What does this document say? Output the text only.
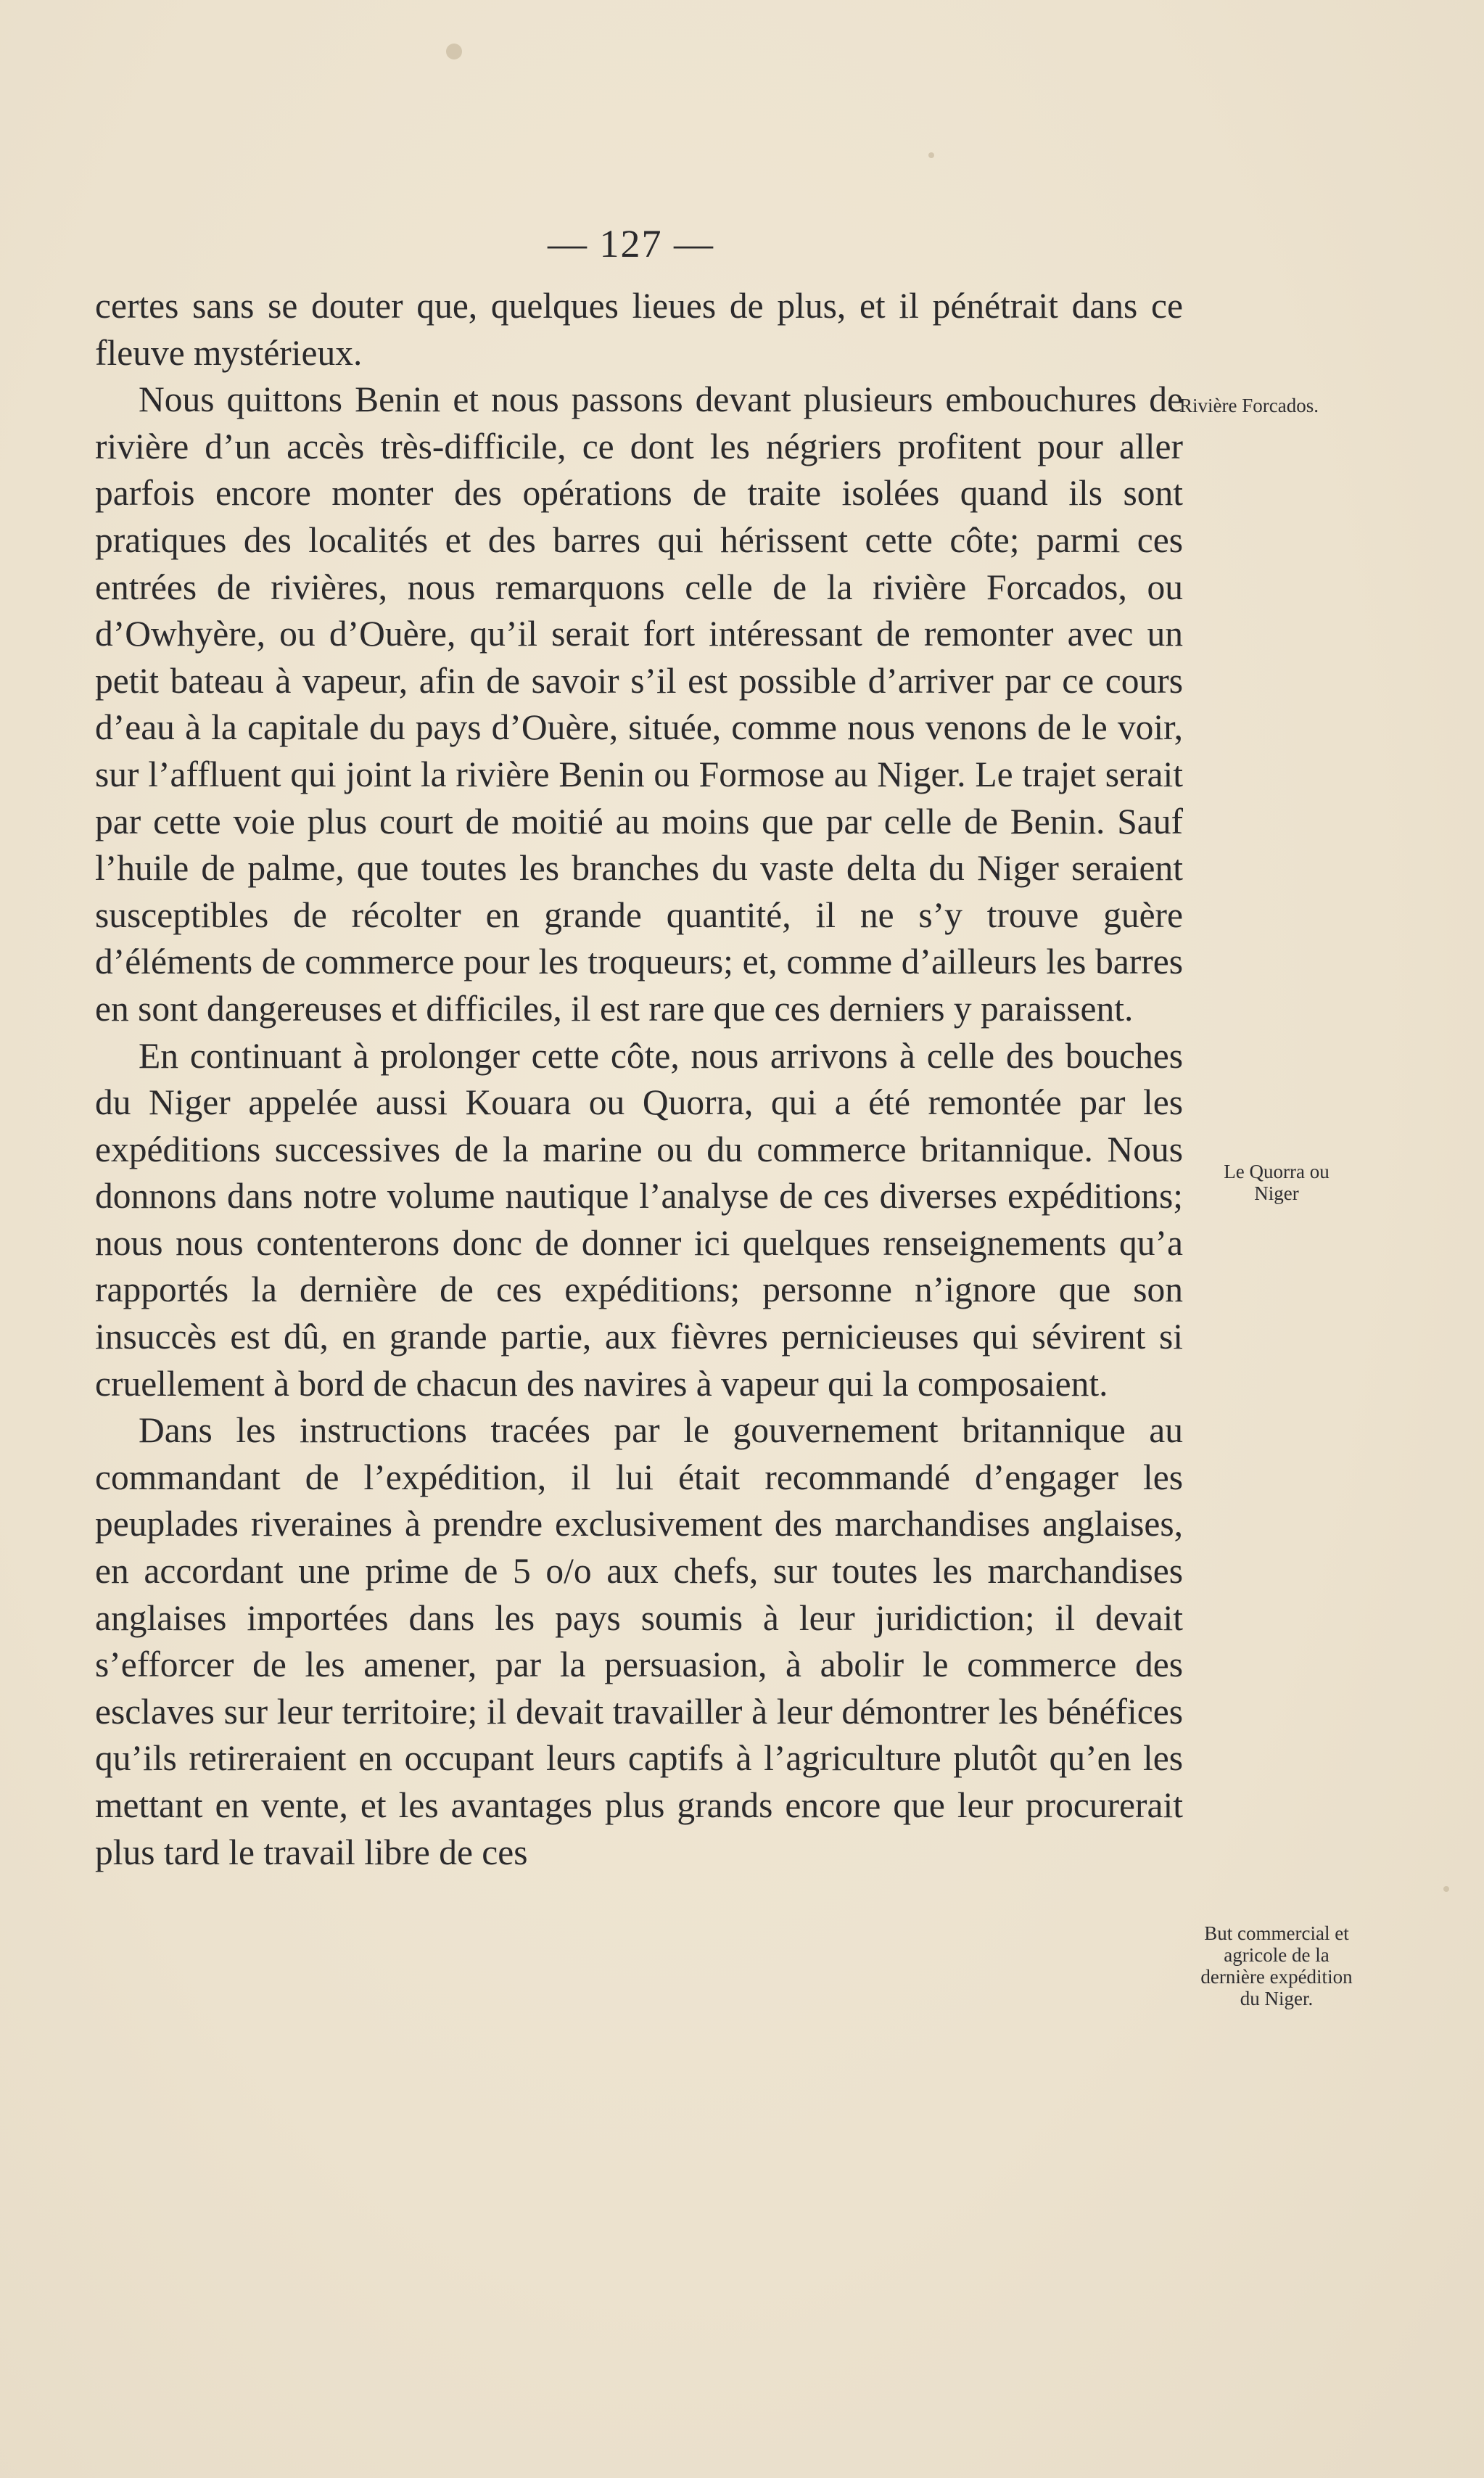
— 127 —

certes sans se douter que, quelques lieues de plus, et il pénétrait dans ce fleuve mystérieux.

Nous quittons Benin et nous passons devant plusieurs embouchures de rivière d’un accès très-difficile, ce dont les négriers profitent pour aller parfois encore monter des opérations de traite isolées quand ils sont pratiques des localités et des barres qui hérissent cette côte; parmi ces entrées de rivières, nous remarquons celle de la rivière Forcados, ou d’Owhyère, ou d’Ouère, qu’il serait fort intéressant de remonter avec un petit bateau à vapeur, afin de savoir s’il est possible d’arriver par ce cours d’eau à la capitale du pays d’Ouère, située, comme nous venons de le voir, sur l’affluent qui joint la rivière Benin ou Formose au Niger. Le trajet serait par cette voie plus court de moitié au moins que par celle de Benin. Sauf l’huile de palme, que toutes les branches du vaste delta du Niger seraient susceptibles de récolter en grande quantité, il ne s’y trouve guère d’éléments de commerce pour les troqueurs; et, comme d’ailleurs les barres en sont dangereuses et difficiles, il est rare que ces derniers y paraissent.

En continuant à prolonger cette côte, nous arrivons à celle des bouches du Niger appelée aussi Kouara ou Quorra, qui a été remontée par les expéditions successives de la marine ou du commerce britannique. Nous donnons dans notre volume nautique l’analyse de ces diverses expéditions; nous nous contenterons donc de donner ici quelques renseignements qu’a rapportés la dernière de ces expéditions; personne n’ignore que son insuccès est dû, en grande partie, aux fièvres pernicieuses qui sévirent si cruellement à bord de chacun des navires à vapeur qui la composaient.

Dans les instructions tracées par le gouvernement britannique au commandant de l’expédition, il lui était recommandé d’engager les peuplades riveraines à prendre exclusivement des marchandises anglaises, en accordant une prime de 5 o/o aux chefs, sur toutes les marchandises anglaises importées dans les pays soumis à leur juridiction; il devait s’efforcer de les amener, par la persuasion, à abolir le commerce des esclaves sur leur territoire; il devait travailler à leur démontrer les bénéfices qu’ils retireraient en occupant leurs captifs à l’agriculture plutôt qu’en les mettant en vente, et les avantages plus grands encore que leur procurerait plus tard le travail libre de ces

Rivière Forcados.
Le Quorra ou Niger
But commercial et agricole de la dernière expédition du Niger.
